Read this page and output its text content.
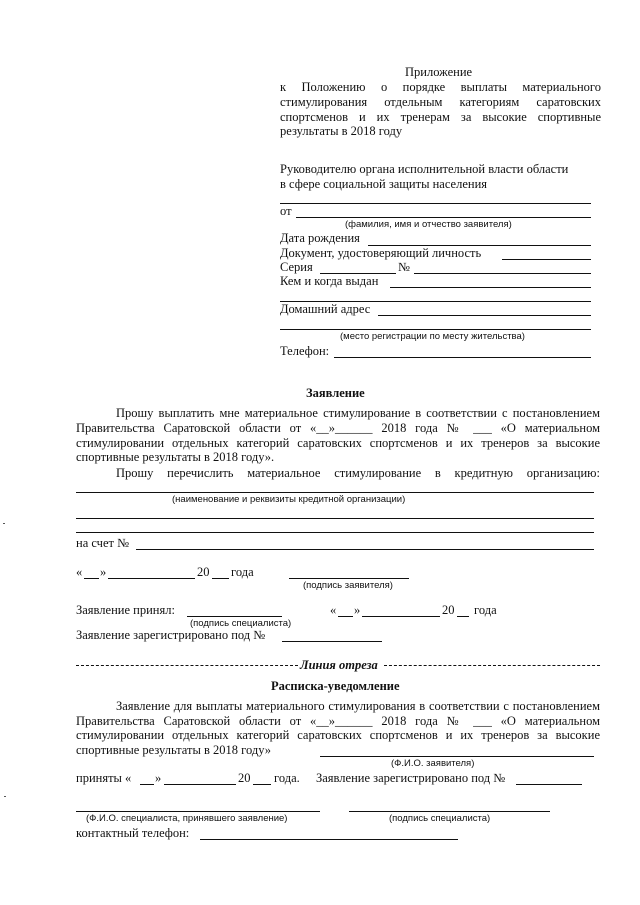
Приложение
к Положению о порядке выплаты материального
стимулирования отдельным категориям саратовских
спортсменов и их тренерам за высокие спортивные
результаты в 2018 году
Руководителю органа исполнительной власти области
в сфере социальной защиты населения
от
(фамилия, имя и отчество заявителя)
Дата рождения
Документ, удостоверяющий личность
Серия	№
Кем и когда выдан
Домашний адрес
(место регистрации по месту жительства)
Телефон:
Заявление
Прошу выплатить мне материальное стимулирование в соответствии с постановлением
Правительства Саратовской области от «__»______ 2018 года № ___ «О материальном
стимулировании отдельных категорий саратовских спортсменов и их тренеров за высокие
спортивные результаты в 2018 году».
Прошу перечислить материальное стимулирование в кредитную организацию:
(наименование и реквизиты кредитной организации)
на счет №
« »	20 года
(подпись заявителя)
Заявление принял:
(подпись специалиста)
« »	20 года
Заявление зарегистрировано под №
Линия отреза
Расписка-уведомление
Заявление для выплаты материального стимулирования в соответствии с постановлением
Правительства Саратовской области от «__»______ 2018 года № ___ «О материальном
стимулировании отдельных категорий саратовских спортсменов и их тренеров за высокие
спортивные результаты в 2018 году»
(Ф.И.О. заявителя)
приняты « »	20 года. Заявление зарегистрировано под №
(Ф.И.О. специалиста, принявшего заявление)	(подпись специалиста)
контактный телефон:
